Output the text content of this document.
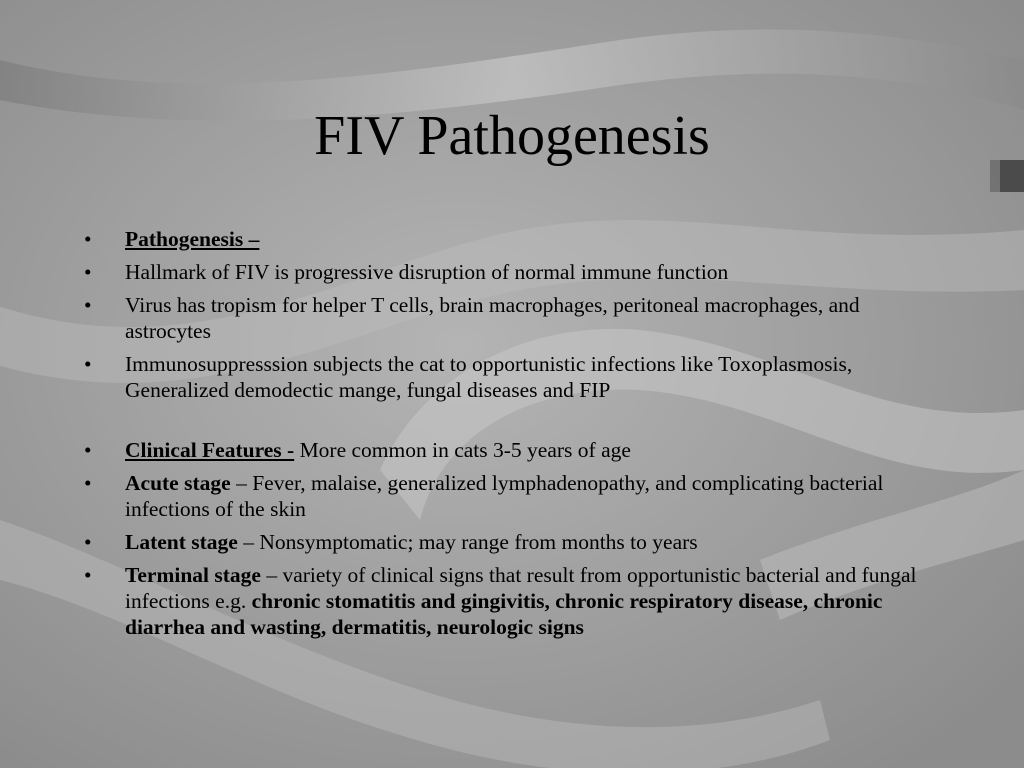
FIV Pathogenesis
•	Pathogenesis –
•	Hallmark of FIV is progressive disruption of normal immune function
•	Virus has tropism for helper T cells, brain macrophages, peritoneal macrophages, and astrocytes
•	Immunosuppresssion subjects the cat to opportunistic infections like Toxoplasmosis, Generalized demodectic mange, fungal diseases and FIP
•	Clinical Features - More common in cats 3-5 years of age
•	Acute stage – Fever, malaise, generalized lymphadenopathy, and complicating bacterial infections of the skin
•	Latent stage – Nonsymptomatic; may range from months to years
•	Terminal stage – variety of clinical signs that result from opportunistic bacterial and fungal infections e.g. chronic stomatitis and gingivitis, chronic respiratory disease, chronic diarrhea and wasting, dermatitis, neurologic signs
